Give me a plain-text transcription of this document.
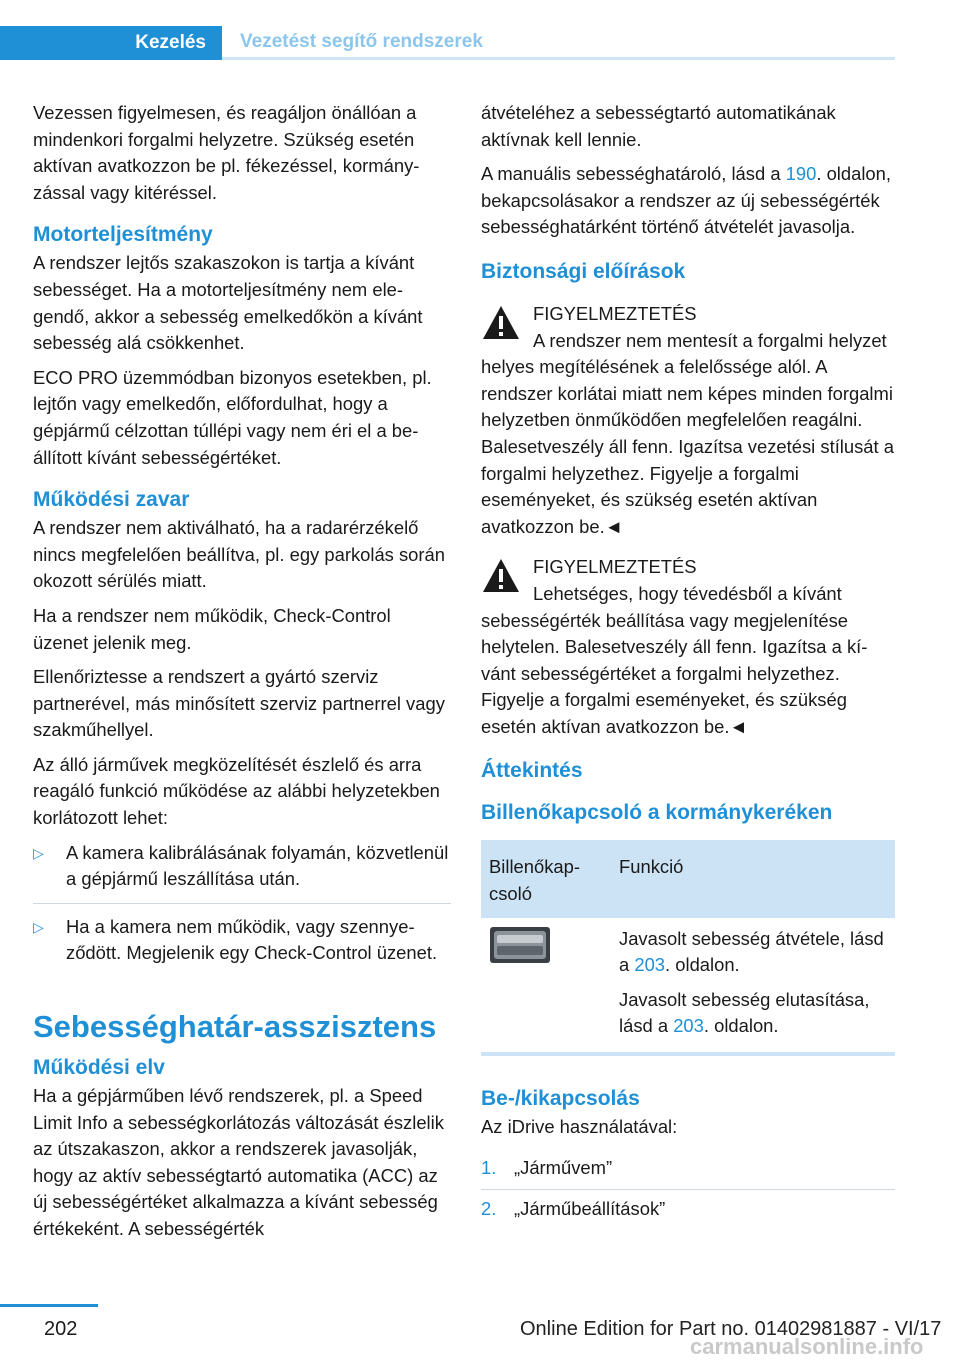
Kezelés	Vezetést segítő rendszerek

Vezessen figyelmesen, és reagáljon önállóan a mindenkori forgalmi helyzetre. Szükség esetén aktívan avatkozzon be pl. fékezéssel, kormányzással vagy kitéréssel.

Motorteljesítmény

A rendszer lejtős szakaszokon is tartja a kívánt sebességet. Ha a motorteljesítmény nem elegendő, akkor a sebesség emelkedőkön a kívánt sebesség alá csökkenhet.

ECO PRO üzemmódban bizonyos esetekben, pl. lejtőn vagy emelkedőn, előfordulhat, hogy a gépjármű célzottan túllépi vagy nem éri el a beállított kívánt sebességértéket.

Működési zavar

A rendszer nem aktiválható, ha a radarérzékelő nincs megfelelően beállítva, pl. egy parkolás során okozott sérülés miatt.

Ha a rendszer nem működik, Check-Control üzenet jelenik meg.

Ellenőriztesse a rendszert a gyártó szerviz partnerével, más minősített szerviz partnerrel vagy szakműhellyel.

Az álló járművek megközelítését észlelő és arra reagáló funkció működése az alábbi helyzetekben korlátozott lehet:

▷ A kamera kalibrálásának folyamán, közvetlenül a gépjármű leszállítása után.
▷ Ha a kamera nem működik, vagy szennyeződött. Megjelenik egy Check-Control üzenet.
Sebességhatár-asszisztens
Működési elv

Ha a gépjárműben lévő rendszerek, pl. a Speed Limit Info a sebességkorlátozás változását észlelik az útszakaszon, akkor a rendszerek javasolják, hogy az aktív sebességtartó automatika (ACC) az új sebességértéket alkalmazza a kívánt sebesség értékeként. A sebességérték

átvételéhez a sebességtartó automatikának aktívnak kell lennie.

A manuális sebességhatároló, lásd a 190. oldalon, bekapcsolásakor a rendszer az új sebességérték sebességhatárként történő átvételét javasolja.

Biztonsági előírások
FIGYELMEZTETÉS
A rendszer nem mentesít a forgalmi helyzet helyes megítélésének a felelőssége alól. A rendszer korlátai miatt nem képes minden forgalmi helyzetben önműködően megfelelően reagálni. Balesetveszély áll fenn. Igazítsa vezetési stílusát a forgalmi helyzethez. Figyelje a forgalmi eseményeket, és szükség esetén aktívan avatkozzon be.◄
FIGYELMEZTETÉS
Lehetséges, hogy tévedésből a kívánt sebességérték beállítása vagy megjelenítése helytelen. Balesetveszély áll fenn. Igazítsa a kívánt sebességértéket a forgalmi helyzethez. Figyelje a forgalmi eseményeket, és szükség esetén aktívan avatkozzon be.◄
Áttekintés
Billenőkapcsoló a kormánykeréken
Billenőkapcsoló	Funkció

Javasolt sebesség átvétele, lásd a 203. oldalon.

Javasolt sebesség elutasítása, lásd a 203. oldalon.

Be-/kikapcsolás

Az iDrive használatával:

1. „Járművem”
2. „Járműbeállítások”
202	Online Edition for Part no. 01402981887 - VI/17
carmanualsonline.info
